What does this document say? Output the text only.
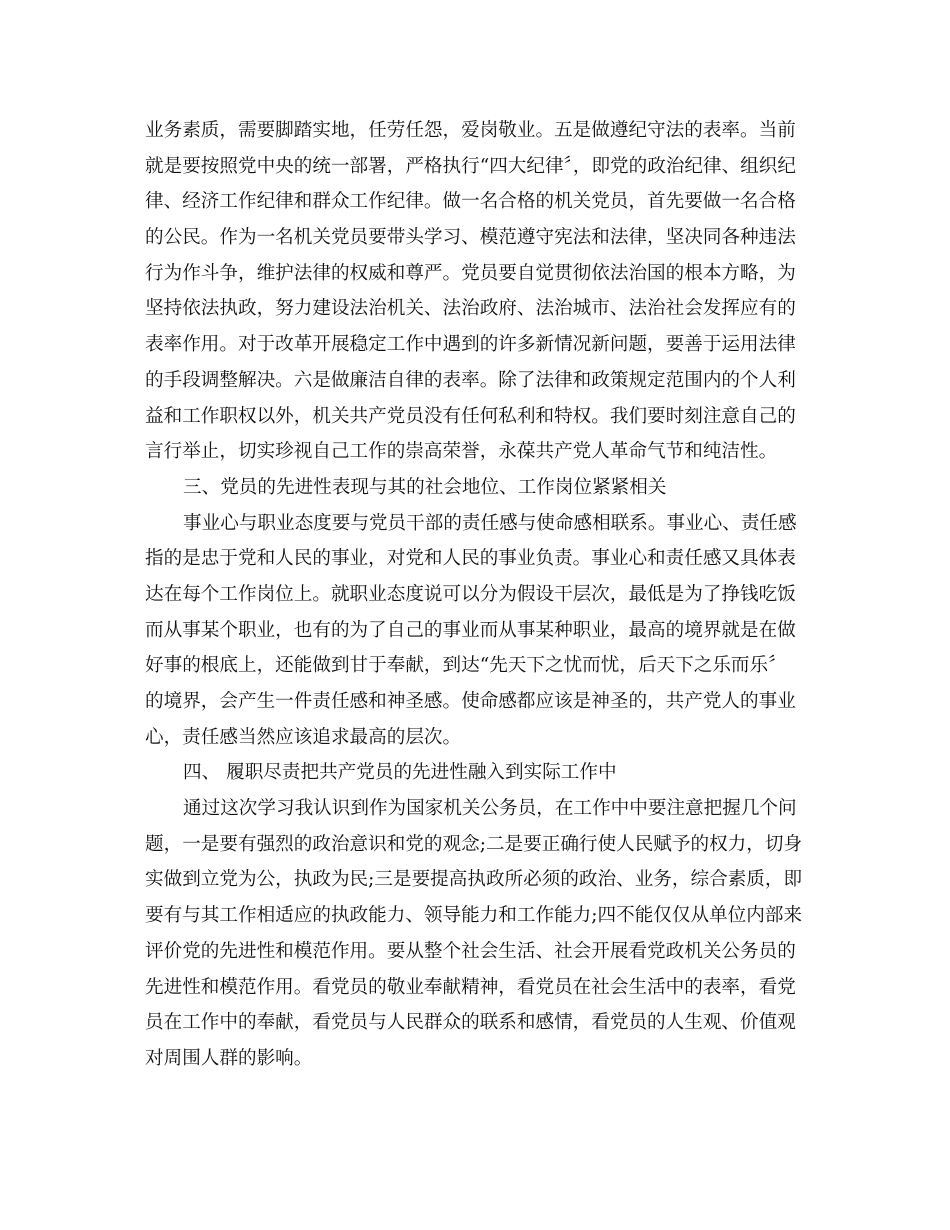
业务素质，需要脚踏实地，任劳任怨，爱岗敬业。五是做遵纪守法的表率。当前

就是要按照党中央的统一部署，严格执行“四大纪律〞，即党的政治纪律、组织纪

律、经济工作纪律和群众工作纪律。做一名合格的机关党员，首先要做一名合格

的公民。作为一名机关党员要带头学习、模范遵守宪法和法律，坚决同各种违法

行为作斗争，维护法律的权威和尊严。党员要自觉贯彻依法治国的根本方略，为

坚持依法执政，努力建设法治机关、法治政府、法治城市、法治社会发挥应有的

表率作用。对于改革开展稳定工作中遇到的许多新情况新问题，要善于运用法律

的手段调整解决。六是做廉洁自律的表率。除了法律和政策规定范围内的个人利

益和工作职权以外，机关共产党员没有任何私利和特权。我们要时刻注意自己的

言行举止，切实珍视自己工作的崇高荣誉，永葆共产党人革命气节和纯洁性。

三、党员的先进性表现与其的社会地位、工作岗位紧紧相关

事业心与职业态度要与党员干部的责任感与使命感相联系。事业心、责任感

指的是忠于党和人民的事业，对党和人民的事业负责。事业心和责任感又具体表

达在每个工作岗位上。就职业态度说可以分为假设干层次，最低是为了挣钱吃饭

而从事某个职业，也有的为了自己的事业而从事某种职业，最高的境界就是在做

好事的根底上，还能做到甘于奉献，到达“先天下之忧而忧，后天下之乐而乐〞

的境界，会产生一件责任感和神圣感。使命感都应该是神圣的，共产党人的事业

心，责任感当然应该追求最高的层次。

四、 履职尽责把共产党员的先进性融入到实际工作中

通过这次学习我认识到作为国家机关公务员，在工作中中要注意把握几个问

题，一是要有强烈的政治意识和党的观念;二是要正确行使人民赋予的权力，切身

实做到立党为公，执政为民;三是要提高执政所必须的政治、业务，综合素质，即

要有与其工作相适应的执政能力、领导能力和工作能力;四不能仅仅从单位内部来

评价党的先进性和模范作用。要从整个社会生活、社会开展看党政机关公务员的

先进性和模范作用。看党员的敬业奉献精神，看党员在社会生活中的表率，看党

员在工作中的奉献，看党员与人民群众的联系和感情，看党员的人生观、价值观

对周围人群的影响。
